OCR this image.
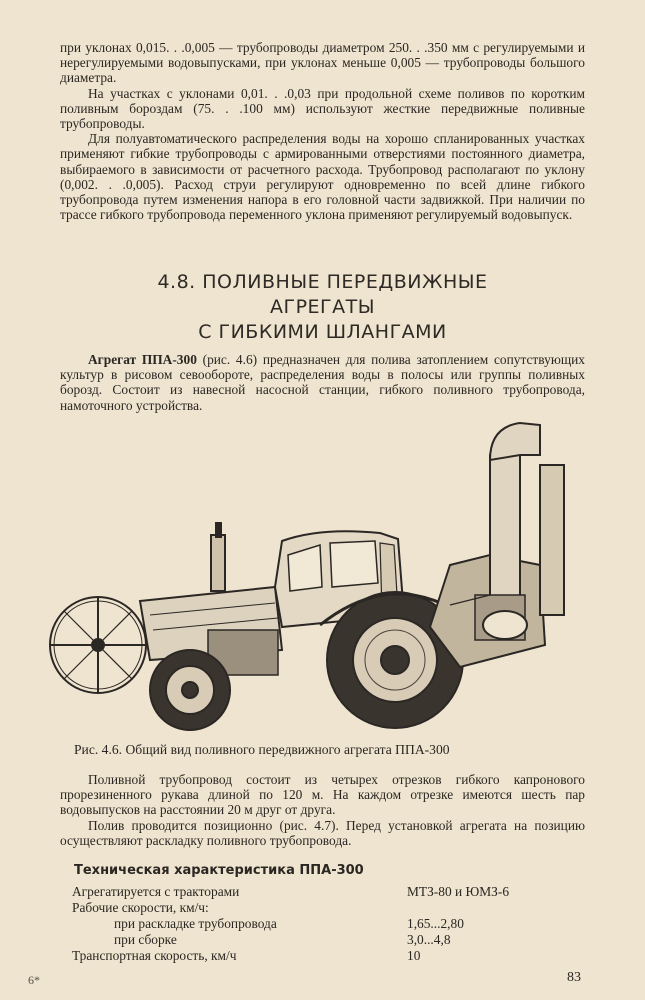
при уклонах 0,015. . .0,005 — трубопроводы диаметром 250. . .350 мм с регулируемыми и нерегулируемыми водовыпусками, при уклонах меньше 0,005 — трубопроводы большого диаметра.

На участках с уклонами 0,01. . .0,03 при продольной схеме поливов по коротким поливным бороздам (75. . .100 мм) используют жесткие передвижные поливные трубопроводы.

Для полуавтоматического распределения воды на хорошо спланированных участках применяют гибкие трубопроводы с армированными отверстиями постоянного диаметра, выбираемого в зависимости от расчетного расхода. Трубопровод располагают по уклону (0,002. . .0,005). Расход струи регулируют одновременно по всей длине гибкого трубопровода путем изменения напора в его головной части задвижкой. При наличии по трассе гибкого трубопровода переменного уклона применяют регулируемый водовыпуск.

4.8. ПОЛИВНЫЕ ПЕРЕДВИЖНЫЕ
АГРЕГАТЫ
С ГИБКИМИ ШЛАНГАМИ

Агрегат ППА-300 (рис. 4.6) предназначен для полива затоплением сопутствующих культур в рисовом севообороте, распределения воды в полосы или группы поливных борозд. Состоит из навесной насосной станции, гибкого поливного трубопровода, намоточного устройства.

Рис. 4.6. Общий вид поливного передвижного агрегата ППА-300

Поливной трубопровод состоит из четырех отрезков гибкого капронового прорезиненного рукава длиной по 120 м. На каждом отрезке имеются шесть пар водовыпусков на расстоянии 20 м друг от друга.

Полив проводится позиционно (рис. 4.7). Перед установкой агрегата на позицию осуществляют раскладку поливного трубопровода.

Техническая характеристика ППА-300
Агрегатируется с тракторами	МТЗ-80 и ЮМЗ-6
Рабочие скорости, км/ч:
при раскладке трубопровода	1,65...2,80
при сборке	3,0...4,8
Транспортная скорость, км/ч	10
6*	83
